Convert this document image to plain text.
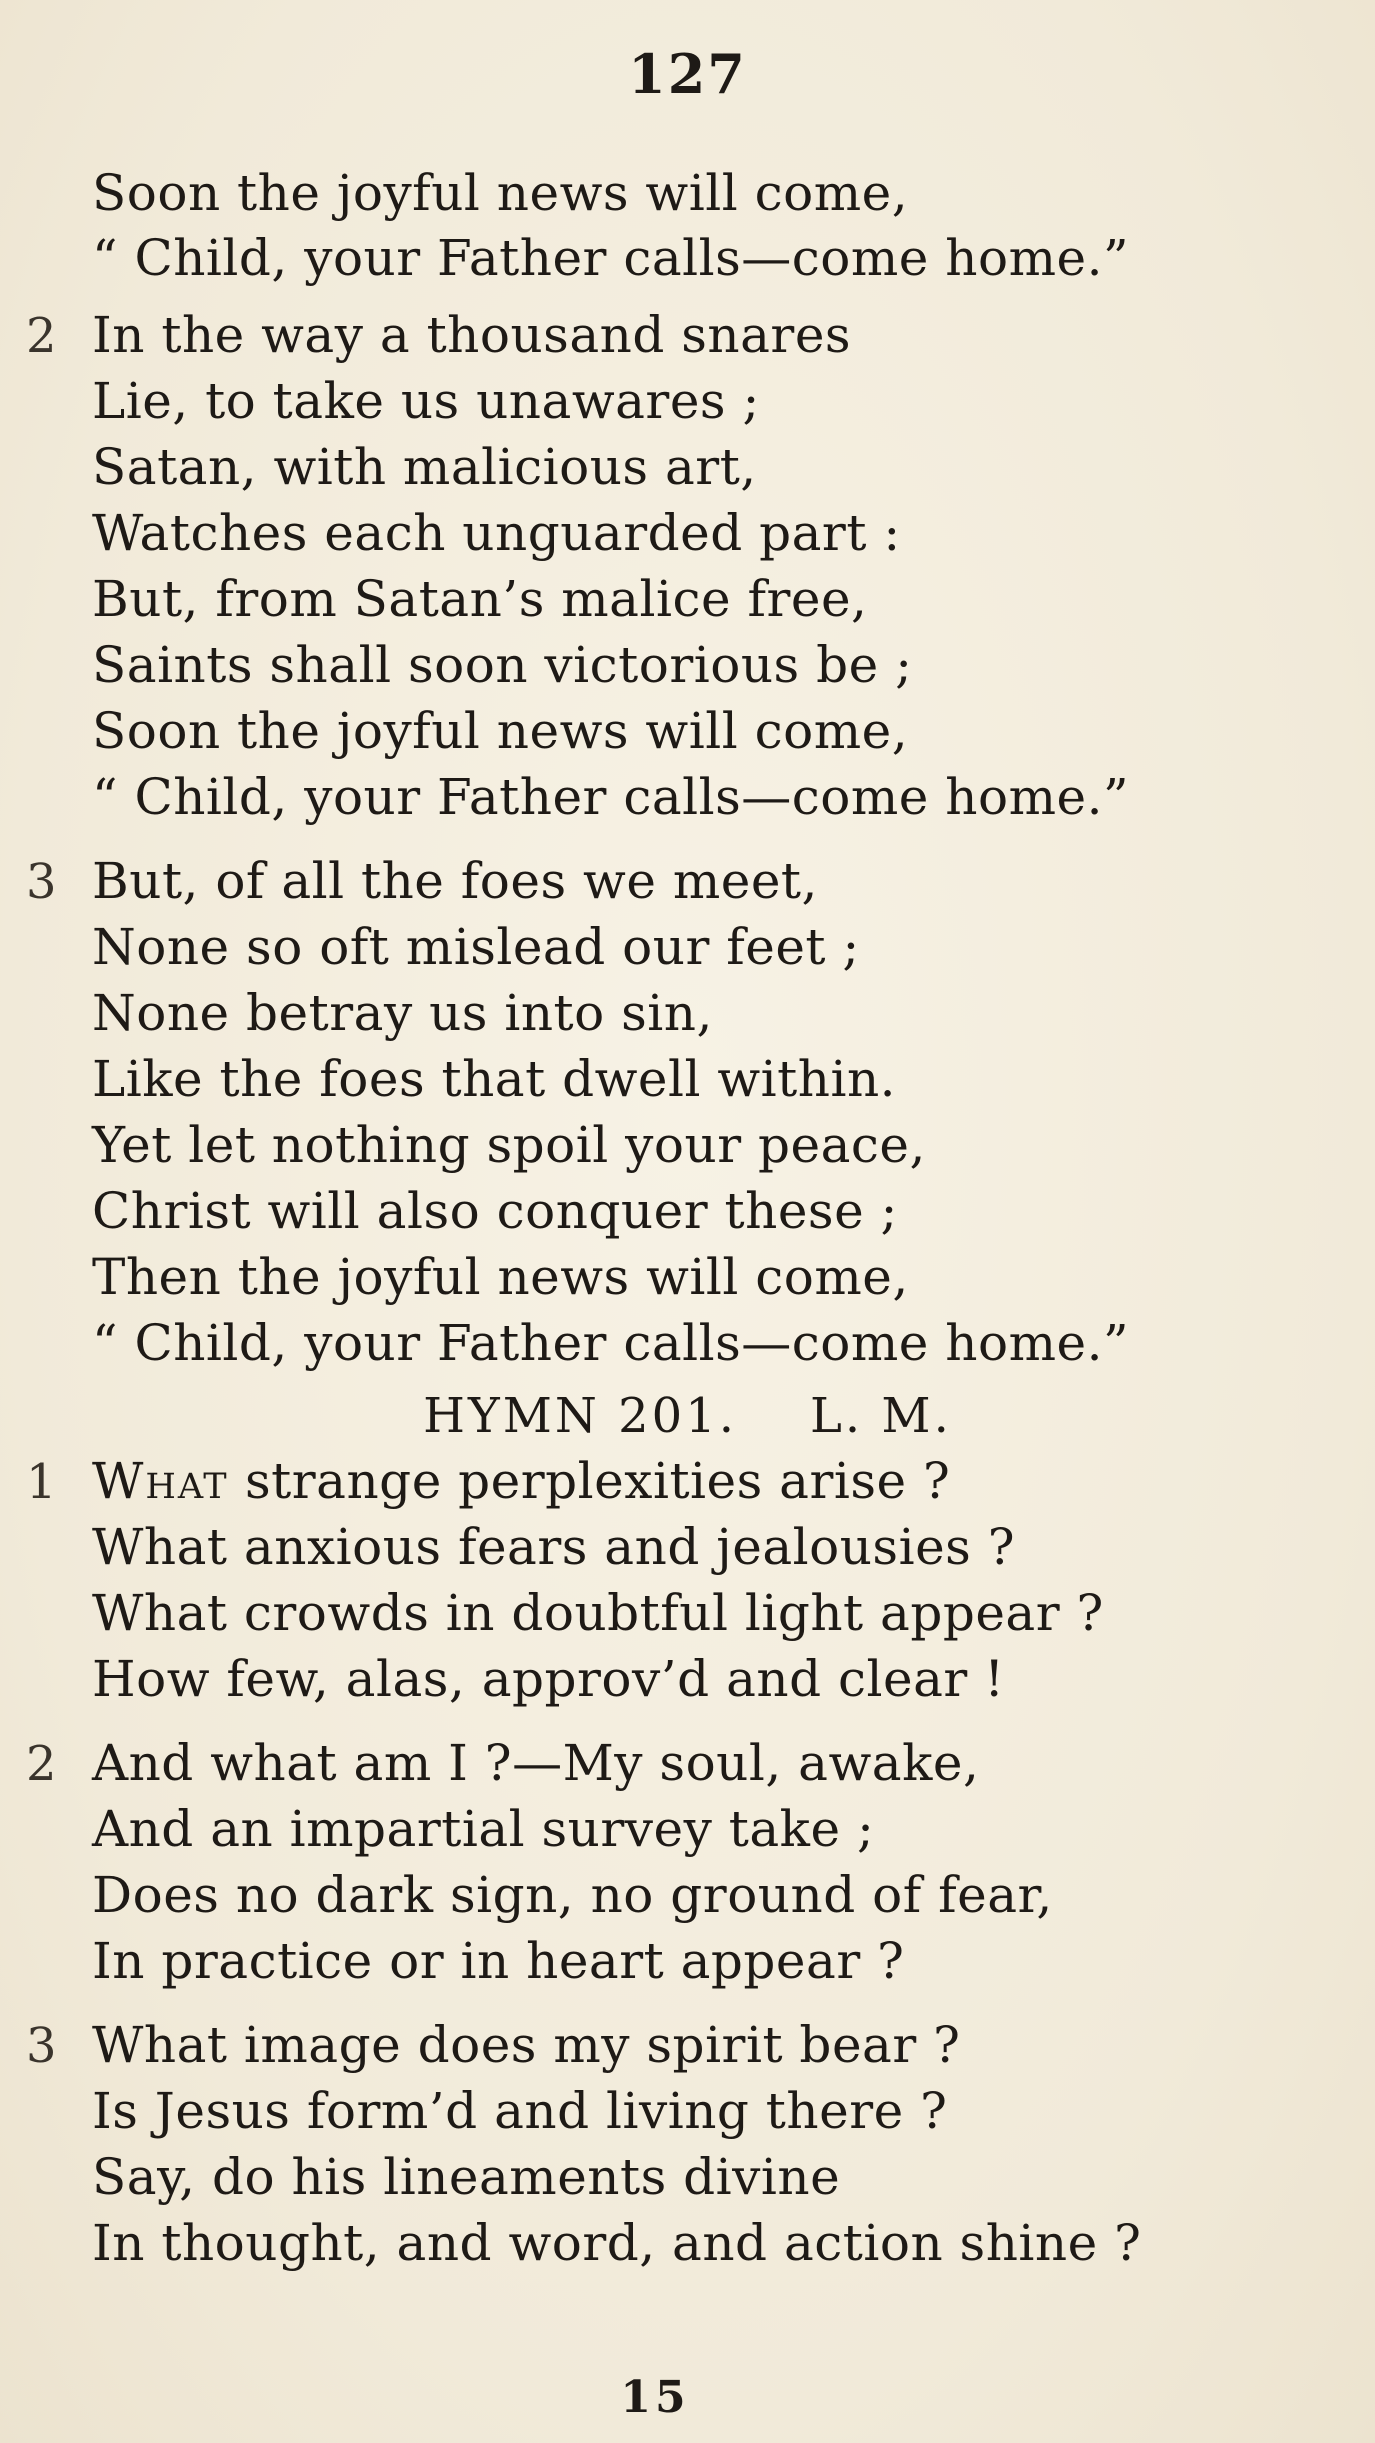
127
Soon the joyful news will come,
“ Child, your Father calls—come home.”
2 In the way a thousand snares
Lie, to take us unawares ;
Satan, with malicious art,
Watches each unguarded part :
But, from Satan’s malice free,
Saints shall soon victorious be ;
Soon the joyful news will come,
“ Child, your Father calls—come home.”
3 But, of all the foes we meet,
None so oft mislead our feet ;
None betray us into sin,
Like the foes that dwell within.
Yet let nothing spoil your peace,
Christ will also conquer these ;
Then the joyful news will come,
“ Child, your Father calls—come home.”
HYMN 201.    L. M.
1 What strange perplexities arise ?
What anxious fears and jealousies ?
What crowds in doubtful light appear ?
How few, alas, approv’d and clear !
2 And what am I ?—My soul, awake,
And an impartial survey take ;
Does no dark sign, no ground of fear,
In practice or in heart appear ?
3 What image does my spirit bear ?
Is Jesus form’d and living there ?
Say, do his lineaments divine
In thought, and word, and action shine ?
15
